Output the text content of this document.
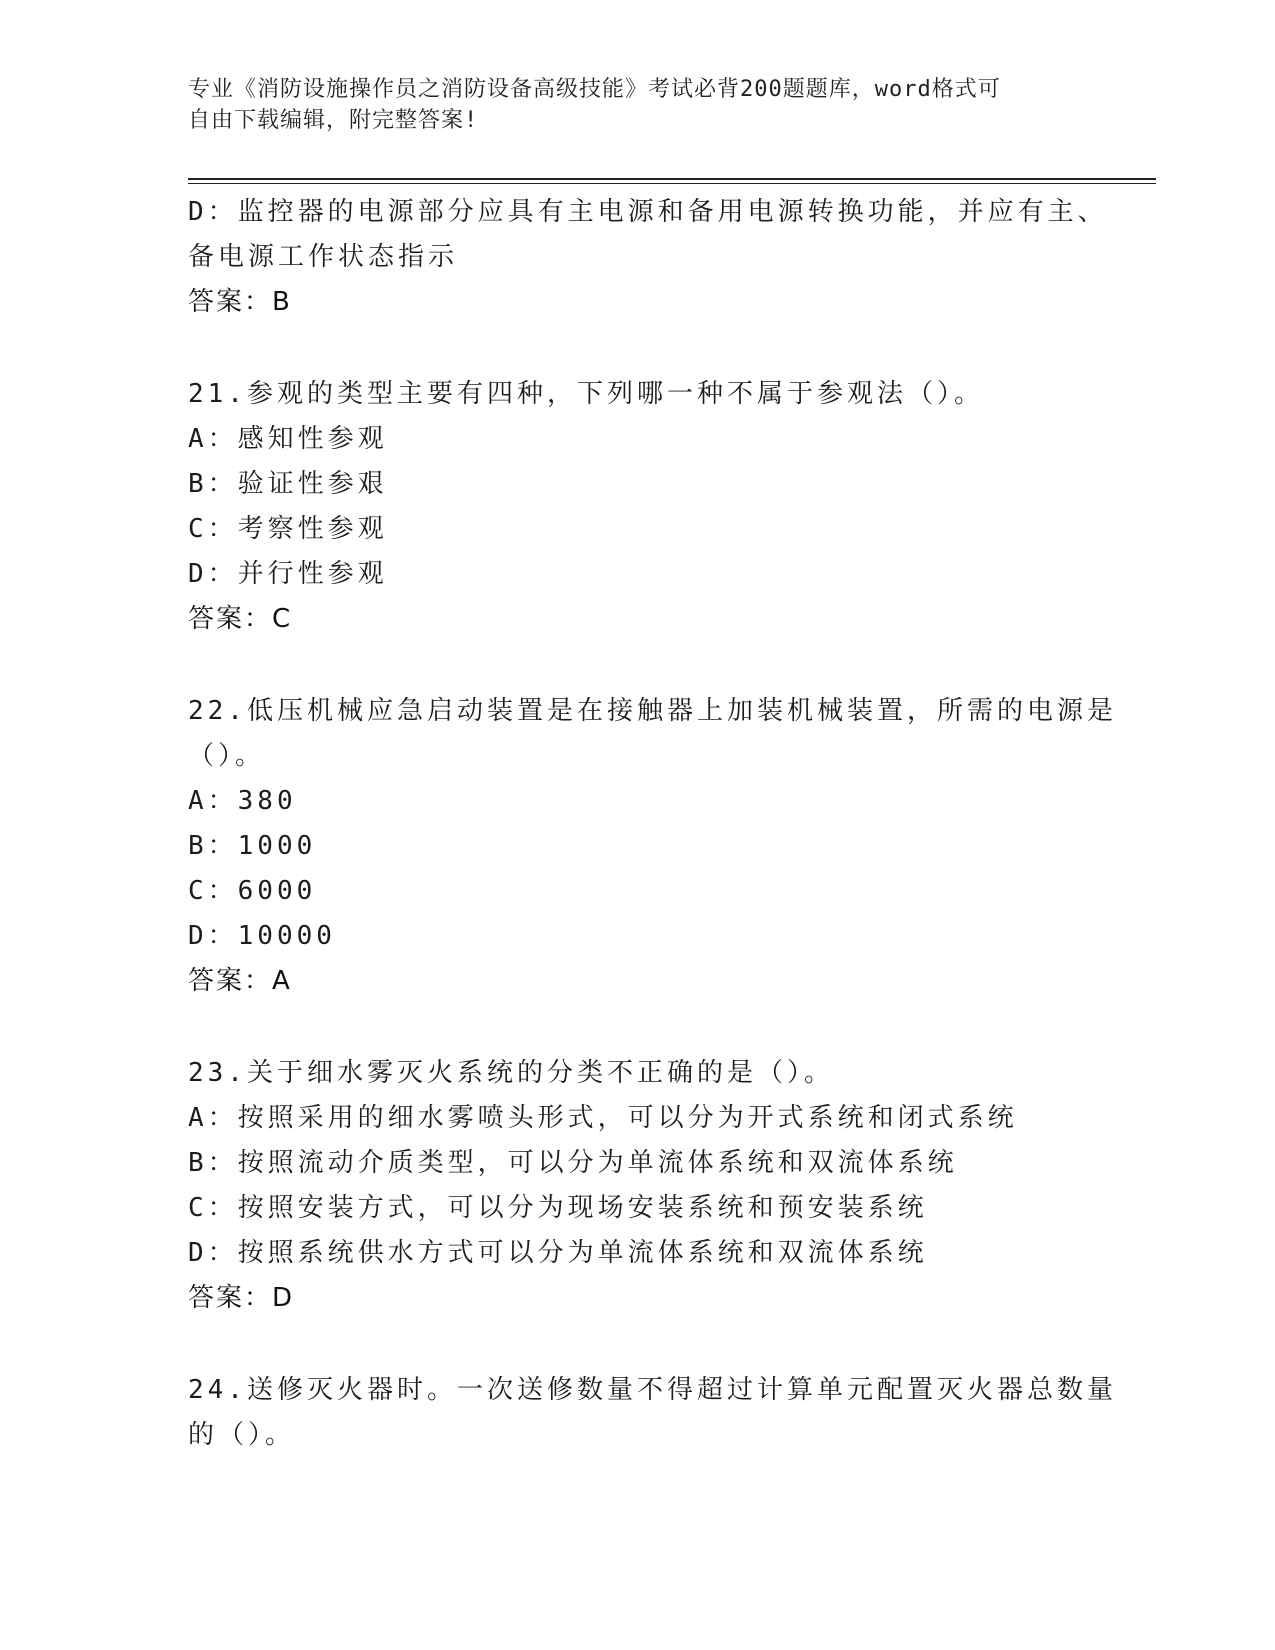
专业《消防设施操作员之消防设备高级技能》考试必背200题题库，word格式可
自由下载编辑，附完整答案!
D：监控器的电源部分应具有主电源和备用电源转换功能，并应有主、
备电源工作状态指示
答案：B
21.参观的类型主要有四种，下列哪一种不属于参观法（）。
A：感知性参观
B：验证性参艰
C：考察性参观
D：并行性参观
答案：C
22.低压机械应急启动装置是在接触器上加装机械装置，所需的电源是
（）。
A：380
B：1000
C：6000
D：10000
答案：A
23.关于细水雾灭火系统的分类不正确的是（）。
A：按照采用的细水雾喷头形式，可以分为开式系统和闭式系统
B：按照流动介质类型，可以分为单流体系统和双流体系统
C：按照安装方式，可以分为现场安装系统和预安装系统
D：按照系统供水方式可以分为单流体系统和双流体系统
答案：D
24.送修灭火器时。一次送修数量不得超过计算单元配置灭火器总数量
的（）。
